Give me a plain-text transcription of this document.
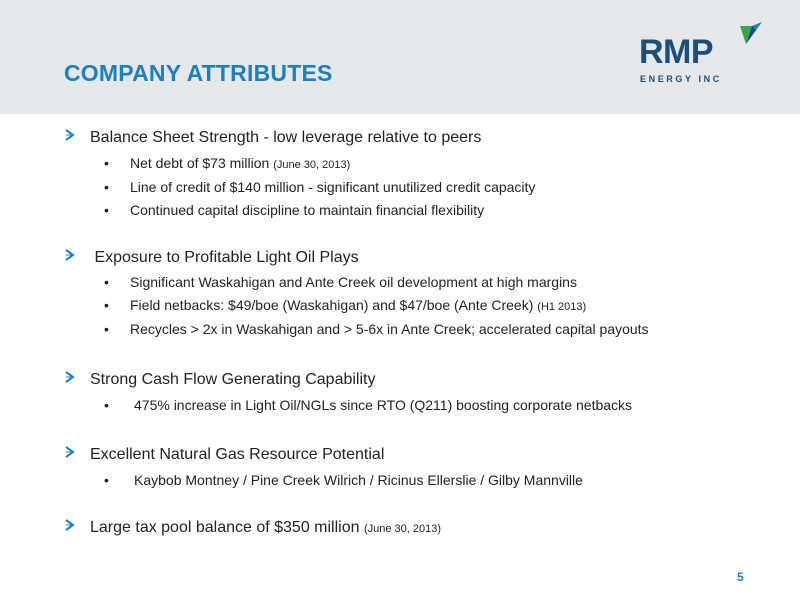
COMPANY ATTRIBUTES
RMP
ENERGY INC
Balance Sheet Strength - low leverage relative to peers
• Net debt of $73 million (June 30, 2013)
• Line of credit of $140 million - significant unutilized credit capacity
• Continued capital discipline to maintain financial flexibility
Exposure to Profitable Light Oil Plays
• Significant Waskahigan and Ante Creek oil development at high margins
• Field netbacks: $49/boe (Waskahigan) and $47/boe (Ante Creek) (H1 2013)
• Recycles > 2x in Waskahigan and > 5-6x in Ante Creek; accelerated capital payouts
Strong Cash Flow Generating Capability
• 475% increase in Light Oil/NGLs since RTO (Q211) boosting corporate netbacks
Excellent Natural Gas Resource Potential
• Kaybob Montney / Pine Creek Wilrich / Ricinus Ellerslie / Gilby Mannville
Large tax pool balance of $350 million (June 30, 2013)
5
